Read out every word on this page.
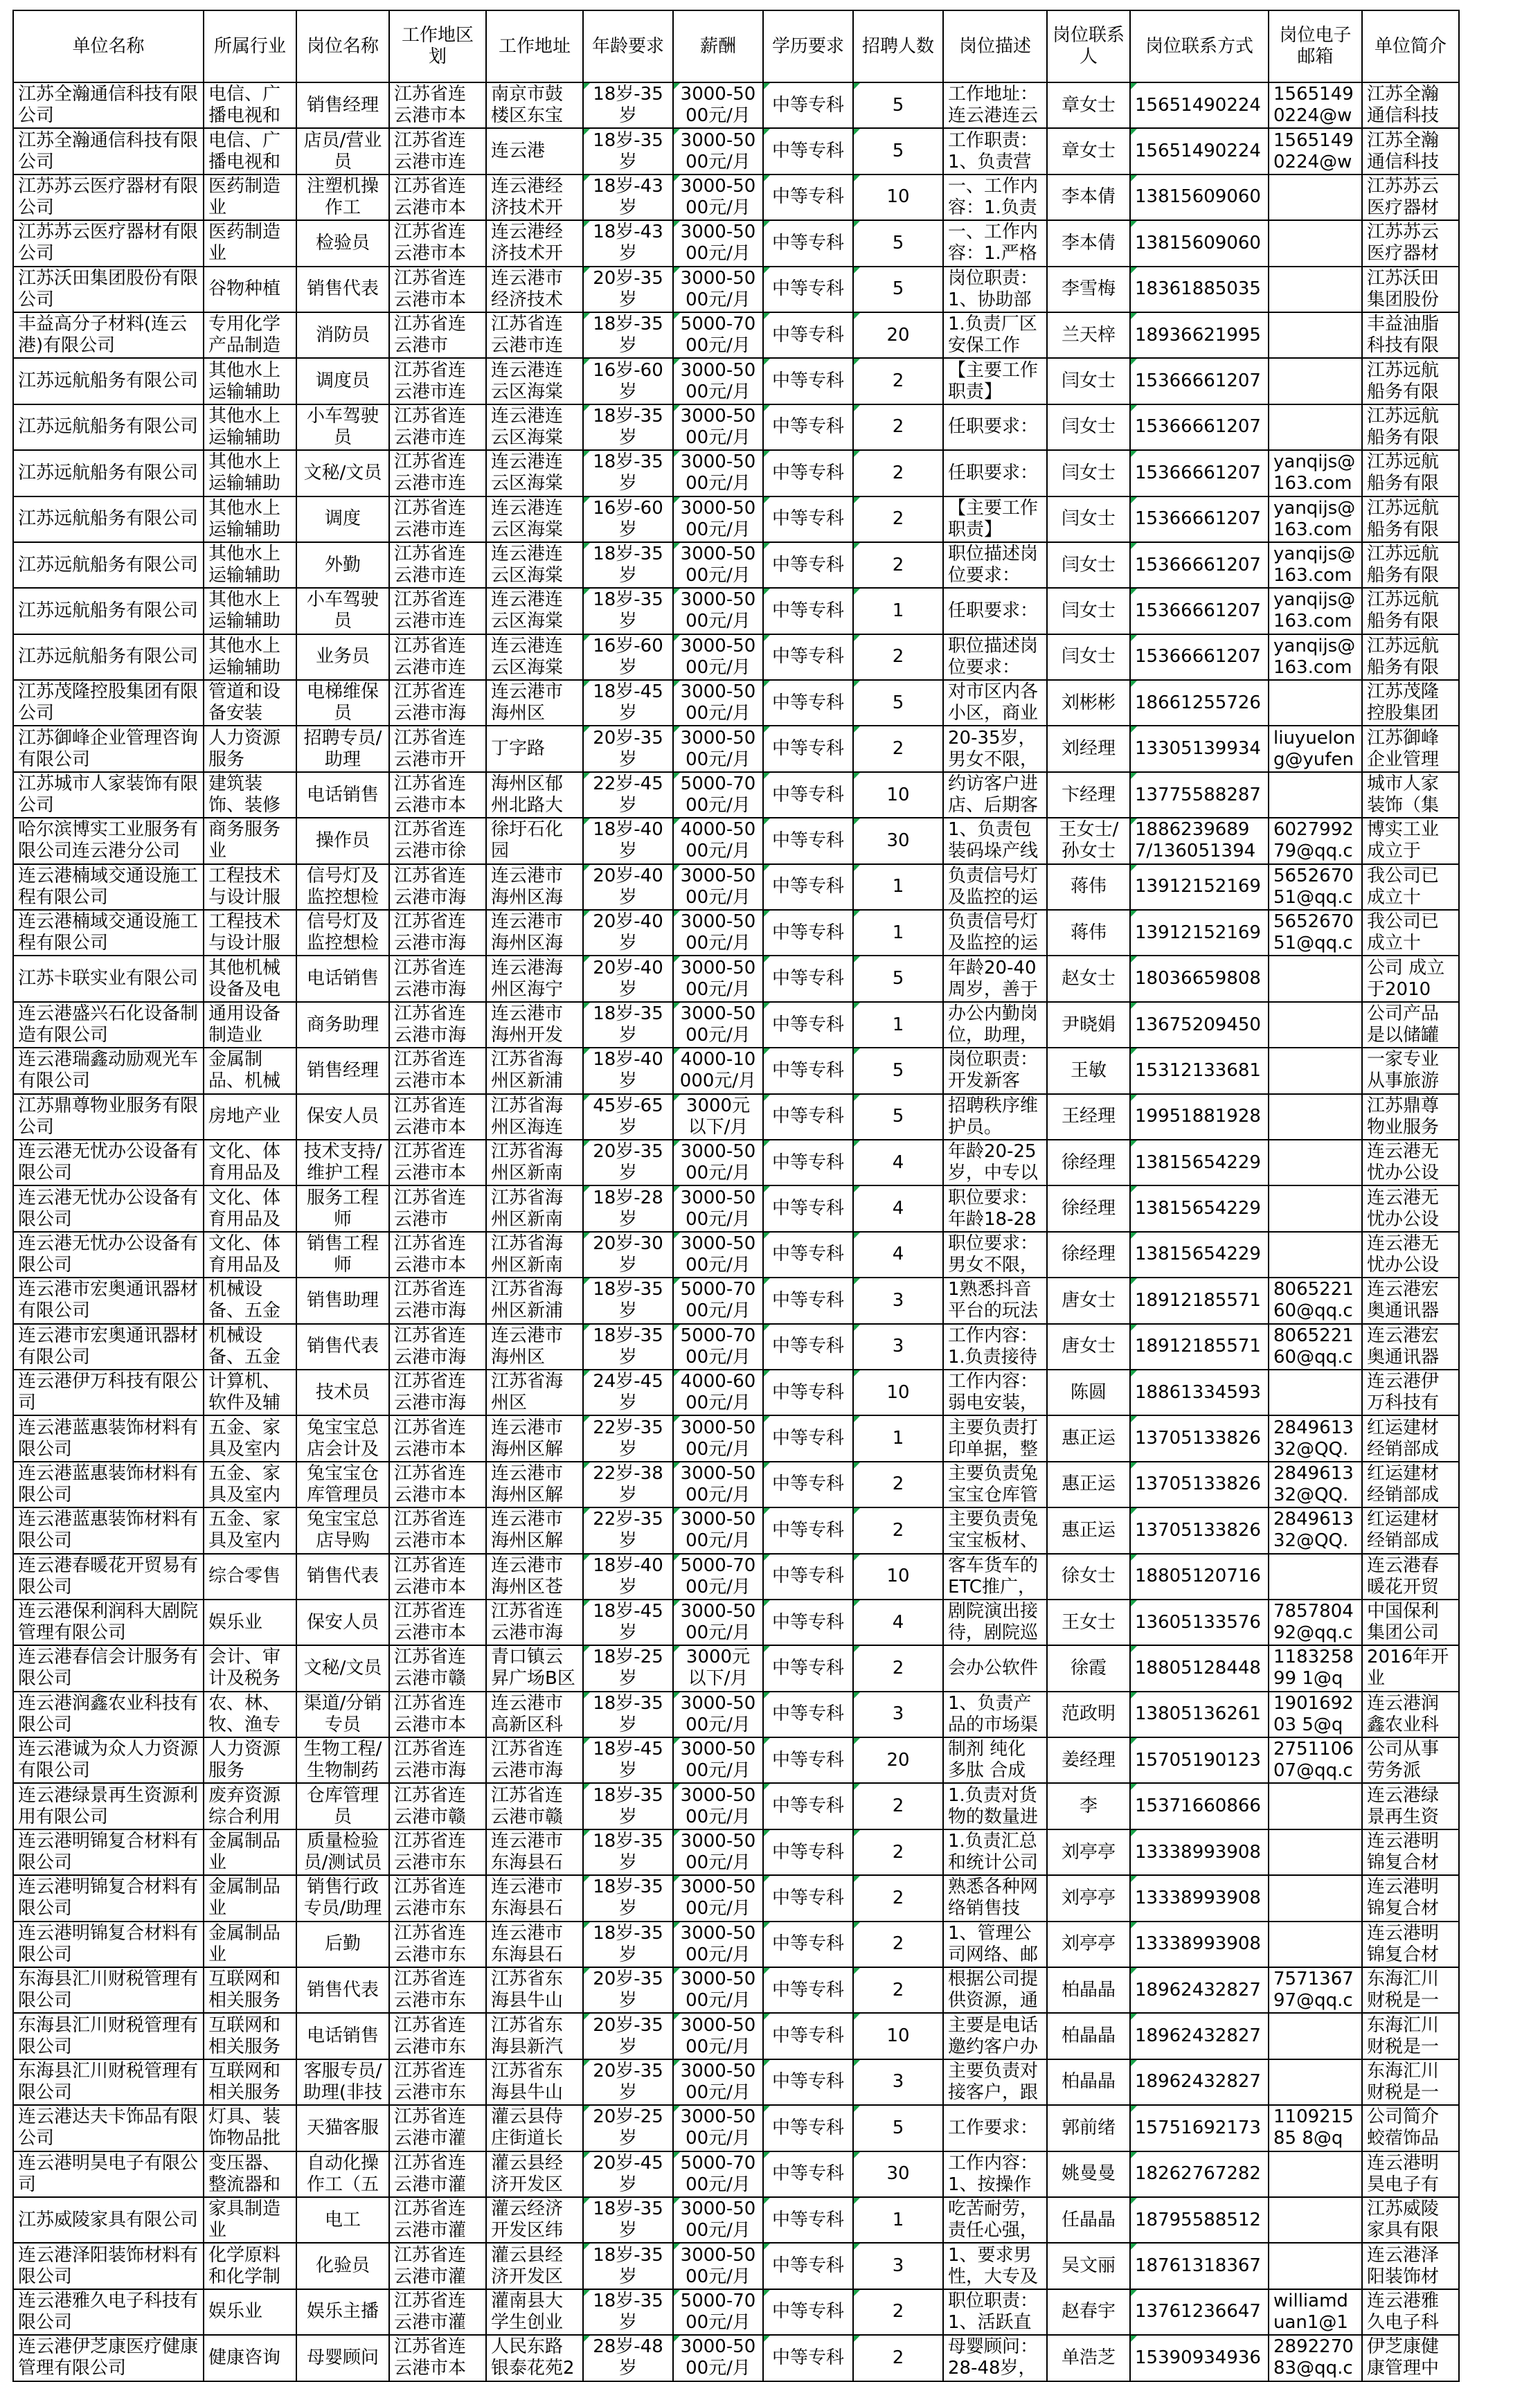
单位名称	所属行业	岗位名称	工作地区划	工作地址	年龄要求	薪酬	学历要求	招聘人数	岗位描述	岗位联系人	岗位联系方式	岗位电子邮箱	单位简介

江苏全瀚通信科技有限公司	电信、广播电视和	销售经理	江苏省连云港市本	南京市鼓楼区东宝	18岁-35岁	3000-5000元/月	中等专科	5	工作地址：连云港连云	章女士	15651490224	15651490224@w	江苏全瀚通信科技

江苏全瀚通信科技有限公司	电信、广播电视和	店员/营业员	江苏省连云港市连	连云港	18岁-35岁	3000-5000元/月	中等专科	5	工作职责：1、负责营	章女士	15651490224	15651490224@w	江苏全瀚通信科技

江苏苏云医疗器材有限公司	医药制造业	注塑机操作工	江苏省连云港市本	连云港经济技术开	18岁-43岁	3000-5000元/月	中等专科	10	一、工作内容：1.负责	李本倩	13815609060		江苏苏云医疗器材

江苏苏云医疗器材有限公司	医药制造业	检验员	江苏省连云港市本	连云港经济技术开	18岁-43岁	3000-5000元/月	中等专科	5	一、工作内容：1.严格	李本倩	13815609060		江苏苏云医疗器材

江苏沃田集团股份有限公司	谷物种植	销售代表	江苏省连云港市本	连云港市经济技术	20岁-35岁	3000-5000元/月	中等专科	5	岗位职责：1、协助部	李雪梅	18361885035		江苏沃田集团股份

丰益高分子材料(连云港)有限公司	专用化学产品制造	消防员	江苏省连云港市	江苏省连云港市连	18岁-35岁	5000-7000元/月	中等专科	20	1.负责厂区安保工作	兰天梓	18936621995		丰益油脂科技有限

江苏远航船务有限公司	其他水上运输辅助	调度员	江苏省连云港市连	连云港连云区海棠	16岁-60岁	3000-5000元/月	中等专科	2	【主要工作职责】	闫女士	15366661207		江苏远航船务有限

江苏远航船务有限公司	其他水上运输辅助	小车驾驶员	江苏省连云港市连	连云港连云区海棠	18岁-35岁	3000-5000元/月	中等专科	2	任职要求：	闫女士	15366661207		江苏远航船务有限

江苏远航船务有限公司	其他水上运输辅助	文秘/文员	江苏省连云港市连	连云港连云区海棠	18岁-35岁	3000-5000元/月	中等专科	2	任职要求：	闫女士	15366661207	yanqijs@163.com	江苏远航船务有限

江苏远航船务有限公司	其他水上运输辅助	调度	江苏省连云港市连	连云港连云区海棠	16岁-60岁	3000-5000元/月	中等专科	2	【主要工作职责】	闫女士	15366661207	yanqijs@163.com	江苏远航船务有限

江苏远航船务有限公司	其他水上运输辅助	外勤	江苏省连云港市连	连云港连云区海棠	18岁-35岁	3000-5000元/月	中等专科	2	职位描述岗位要求：	闫女士	15366661207	yanqijs@163.com	江苏远航船务有限

江苏远航船务有限公司	其他水上运输辅助	小车驾驶员	江苏省连云港市连	连云港连云区海棠	18岁-35岁	3000-5000元/月	中等专科	1	任职要求：	闫女士	15366661207	yanqijs@163.com	江苏远航船务有限

江苏远航船务有限公司	其他水上运输辅助	业务员	江苏省连云港市连	连云港连云区海棠	16岁-60岁	3000-5000元/月	中等专科	2	职位描述岗位要求：	闫女士	15366661207	yanqijs@163.com	江苏远航船务有限

江苏茂隆控股集团有限公司	管道和设备安装	电梯维保员	江苏省连云港市海	连云港市海州区	18岁-45岁	3000-5000元/月	中等专科	5	对市区内各小区，商业	刘彬彬	18661255726		江苏茂隆控股集团

江苏御峰企业管理咨询有限公司	人力资源服务	招聘专员/助理	江苏省连云港市开	丁字路	20岁-35岁	3000-5000元/月	中等专科	2	20-35岁，男女不限，	刘经理	13305139934	liuyuelong@yufen	江苏御峰企业管理

江苏城市人家装饰有限公司	建筑装饰、装修	电话销售	江苏省连云港市本	海州区郁州北路大	22岁-45岁	5000-7000元/月	中等专科	10	约访客户进店、后期客	卞经理	13775588287		城市人家装饰（集

哈尔滨博实工业服务有限公司连云港分公司	商务服务业	操作员	江苏省连云港市徐	徐圩石化园	18岁-40岁	4000-5000元/月	中等专科	30	1、负责包装码垛产线	王女士/孙女士	18862396897/136051394	602799279@qq.c	博实工业成立于

连云港楠域交通设施工程有限公司	工程技术与设计服	信号灯及监控想检	江苏省连云港市海	连云港市海州区海	20岁-40岁	3000-5000元/月	中等专科	1	负责信号灯及监控的运	蒋伟	13912152169	565267051@qq.c	我公司已成立十

连云港楠域交通设施工程有限公司	工程技术与设计服	信号灯及监控想检	江苏省连云港市海	连云港市海州区海	20岁-40岁	3000-5000元/月	中等专科	1	负责信号灯及监控的运	蒋伟	13912152169	565267051@qq.c	我公司已成立十

江苏卡联实业有限公司	其他机械设备及电	电话销售	江苏省连云港市海	连云港海州区海宁	20岁-40岁	3000-5000元/月	中等专科	5	年龄20-40周岁，善于	赵女士	18036659808		公司 成立于2010

连云港盛兴石化设备制造有限公司	通用设备制造业	商务助理	江苏省连云港市海	连云港市海州开发	18岁-35岁	3000-5000元/月	中等专科	1	办公内勤岗位，助理，	尹晓娟	13675209450		公司产品是以储罐

连云港瑞鑫动励观光车有限公司	金属制品、机械	销售经理	江苏省连云港市本	江苏省海州区新浦	18岁-40岁	4000-10000元/月	中等专科	5	岗位职责：开发新客	王敏	15312133681		一家专业从事旅游

江苏鼎尊物业服务有限公司	房地产业	保安人员	江苏省连云港市本	江苏省海州区海连	45岁-65岁	3000元以下/月	中等专科	5	招聘秩序维护员。	王经理	19951881928		江苏鼎尊物业服务

连云港无忧办公设备有限公司	文化、体育用品及	技术支持/维护工程	江苏省连云港市本	江苏省海州区新南	20岁-35岁	3000-5000元/月	中等专科	4	年龄20-25岁，中专以	徐经理	13815654229		连云港无忧办公设

连云港无忧办公设备有限公司	文化、体育用品及	服务工程师	江苏省连云港市	江苏省海州区新南	18岁-28岁	3000-5000元/月	中等专科	4	职位要求：年龄18-28	徐经理	13815654229		连云港无忧办公设

连云港无忧办公设备有限公司	文化、体育用品及	销售工程师	江苏省连云港市本	江苏省海州区新南	20岁-30岁	3000-5000元/月	中等专科	4	职位要求：男女不限，	徐经理	13815654229		连云港无忧办公设

连云港市宏奥通讯器材有限公司	机械设备、五金	销售助理	江苏省连云港市海	江苏省海州区新浦	18岁-35岁	5000-7000元/月	中等专科	3	1熟悉抖音平台的玩法	唐女士	18912185571	806522160@qq.c	连云港宏奥通讯器

连云港市宏奥通讯器材有限公司	机械设备、五金	销售代表	江苏省连云港市海	连云港市海州区	18岁-35岁	5000-7000元/月	中等专科	3	工作内容：1.负责接待	唐女士	18912185571	806522160@qq.c	连云港宏奥通讯器

连云港伊万科技有限公司	计算机、软件及辅	技术员	江苏省连云港市海	江苏省海州区	24岁-45岁	4000-6000元/月	中等专科	10	工作内容：弱电安装，	陈圆	18861334593		连云港伊万科技有

连云港蓝惠装饰材料有限公司	五金、家具及室内	兔宝宝总店会计及	江苏省连云港市本	连云港市海州区解	22岁-35岁	3000-5000元/月	中等专科	1	主要负责打印单据，整	惠正运	13705133826	284961332@QQ.	红运建材经销部成

连云港蓝惠装饰材料有限公司	五金、家具及室内	兔宝宝仓库管理员	江苏省连云港市本	连云港市海州区解	22岁-38岁	3000-5000元/月	中等专科	2	主要负责兔宝宝仓库管	惠正运	13705133826	284961332@QQ.	红运建材经销部成

连云港蓝惠装饰材料有限公司	五金、家具及室内	兔宝宝总店导购	江苏省连云港市本	连云港市海州区解	22岁-35岁	3000-5000元/月	中等专科	2	主要负责兔宝宝板材、	惠正运	13705133826	284961332@QQ.	红运建材经销部成

连云港春暖花开贸易有限公司	综合零售	销售代表	江苏省连云港市本	连云港市海州区苍	18岁-40岁	5000-7000元/月	中等专科	10	客车货车的ETC推广，	徐女士	18805120716		连云港春暖花开贸

连云港保利润科大剧院管理有限公司	娱乐业	保安人员	江苏省连云港市本	江苏省连云港市海	18岁-45岁	3000-5000元/月	中等专科	4	剧院演出接待，剧院巡	王女士	13605133576	785780492@qq.c	中国保利集团公司

连云港春信会计服务有限公司	会计、审计及税务	文秘/文员	江苏省连云港市赣	青口镇云昇广场B区	18岁-25岁	3000元以下/月	中等专科	2	会办公软件	徐霞	18805128448	118325899 1@q	2016年开业

连云港润鑫农业科技有限公司	农、林、牧、渔专	渠道/分销专员	江苏省连云港市本	连云港市高新区科	18岁-35岁	3000-5000元/月	中等专科	3	1、负责产品的市场渠	范政明	13805136261	190169203 5@q	连云港润鑫农业科

连云港诚为众人力资源有限公司	人力资源服务	生物工程/生物制药	江苏省连云港市海	江苏省连云港市海	18岁-45岁	3000-5000元/月	中等专科	20	制剂 纯化 多肽 合成	姜经理	15705190123	275110607@qq.c	公司从事劳务派

连云港绿景再生资源利用有限公司	废弃资源综合利用	仓库管理员	江苏省连云港市赣	江苏省连云港市赣	18岁-35岁	3000-5000元/月	中等专科	2	1.负责对货物的数量进	李	15371660866		连云港绿景再生资

连云港明锦复合材料有限公司	金属制品业	质量检验员/测试员	江苏省连云港市东	连云港市东海县石	18岁-35岁	3000-5000元/月	中等专科	2	1.负责汇总和统计公司	刘亭亭	13338993908		连云港明锦复合材

连云港明锦复合材料有限公司	金属制品业	销售行政专员/助理	江苏省连云港市东	连云港市东海县石	18岁-35岁	3000-5000元/月	中等专科	2	熟悉各种网络销售技	刘亭亭	13338993908		连云港明锦复合材

连云港明锦复合材料有限公司	金属制品业	后勤	江苏省连云港市东	连云港市东海县石	18岁-35岁	3000-5000元/月	中等专科	2	1、管理公司网络、邮	刘亭亭	13338993908		连云港明锦复合材

东海县汇川财税管理有限公司	互联网和相关服务	销售代表	江苏省连云港市东	江苏省东海县牛山	20岁-35岁	3000-5000元/月	中等专科	2	根据公司提供资源，通	柏晶晶	18962432827	757136797@qq.c	东海汇川财税是一

东海县汇川财税管理有限公司	互联网和相关服务	电话销售	江苏省连云港市东	江苏省东海县新汽	20岁-35岁	3000-5000元/月	中等专科	10	主要是电话邀约客户办	柏晶晶	18962432827		东海汇川财税是一

东海县汇川财税管理有限公司	互联网和相关服务	客服专员/助理(非技	江苏省连云港市东	江苏省东海县牛山	20岁-35岁	3000-5000元/月	中等专科	3	主要负责对接客户，跟	柏晶晶	18962432827		东海汇川财税是一

连云港达夫卡饰品有限公司	灯具、装饰物品批	天猫客服	江苏省连云港市灌	灌云县侍庄街道长	20岁-25岁	3000-5000元/月	中等专科	5	工作要求：	郭前绪	15751692173	110921585 8@q	公司简介蛟蓿饰品

连云港明昊电子有限公司	变压器、整流器和	自动化操作工（五	江苏省连云港市灌	灌云县经济开发区	20岁-45岁	5000-7000元/月	中等专科	30	工作内容：1、按操作	姚曼曼	18262767282		连云港明昊电子有

江苏威陵家具有限公司	家具制造业	电工	江苏省连云港市灌	灌云经济开发区纬	18岁-35岁	3000-5000元/月	中等专科	1	吃苦耐劳，责任心强，	任晶晶	18795588512		江苏威陵家具有限

连云港泽阳装饰材料有限公司	化学原料和化学制	化验员	江苏省连云港市灌	灌云县经济开发区	18岁-35岁	3000-5000元/月	中等专科	3	1、要求男性，大专及	吴文丽	18761318367		连云港泽阳装饰材

连云港雅久电子科技有限公司	娱乐业	娱乐主播	江苏省连云港市灌	灌南县大学生创业	18岁-35岁	5000-7000元/月	中等专科	2	职位职责：1、活跃直	赵春宇	13761236647	williamduan1@1	连云港雅久电子科

连云港伊芝康医疗健康管理有限公司	健康咨询	母婴顾问	江苏省连云港市本	人民东路银泰花苑2	28岁-48岁	3000-5000元/月	中等专科	2	母婴顾问：28-48岁，	单浩芝	15390934936	289227083@qq.c	伊芝康健康管理中
